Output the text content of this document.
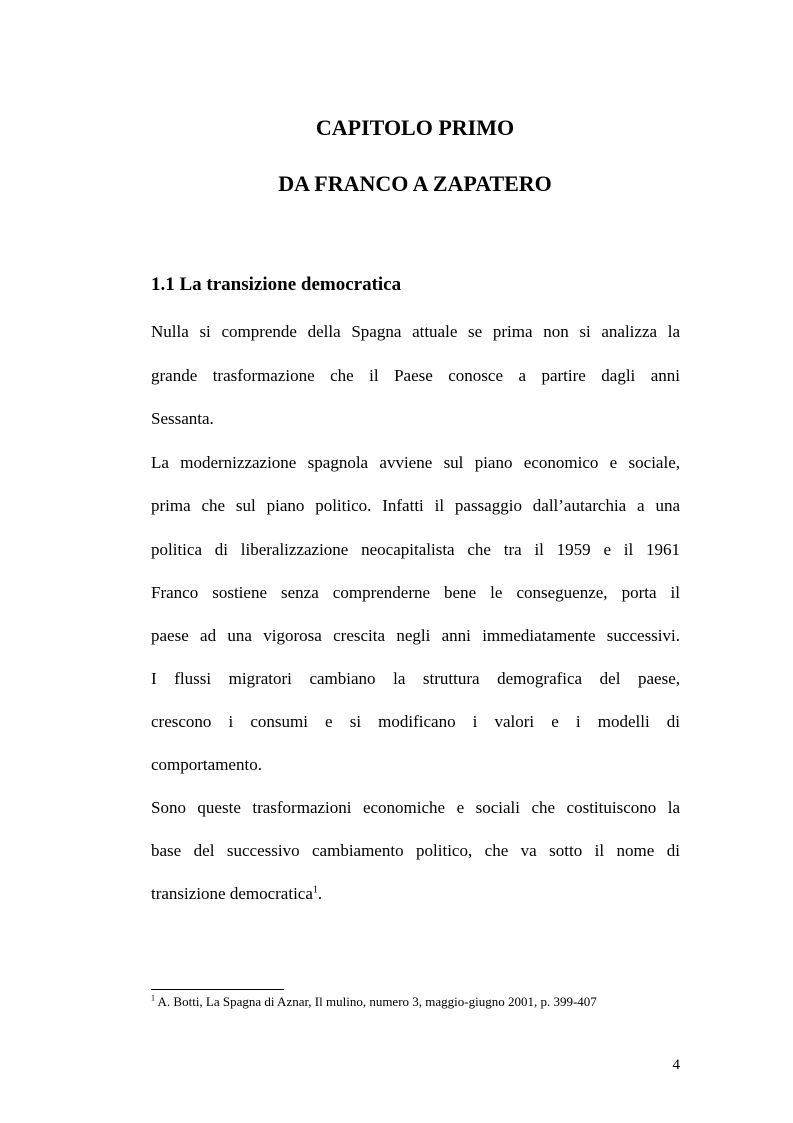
CAPITOLO PRIMO
DA FRANCO A ZAPATERO
1.1 La transizione democratica

Nulla si comprende della Spagna attuale se prima non si analizza la

grande trasformazione che il Paese conosce a partire dagli anni

Sessanta.

La modernizzazione spagnola avviene sul piano economico e sociale,

prima che sul piano politico. Infatti il passaggio dall’autarchia a una

politica di liberalizzazione neocapitalista che tra il 1959 e il 1961

Franco sostiene senza comprenderne bene le conseguenze, porta il

paese ad una vigorosa crescita negli anni immediatamente successivi.

I flussi migratori cambiano la struttura demografica del paese,

crescono i consumi e si modificano i valori e i modelli di

comportamento.

Sono queste trasformazioni economiche e sociali che costituiscono la

base del successivo cambiamento politico, che va sotto il nome di

transizione democratica$^1$.

$^1$ A. Botti, La Spagna di Aznar, Il mulino, numero 3, maggio-giugno 2001, p. 399-407

4
